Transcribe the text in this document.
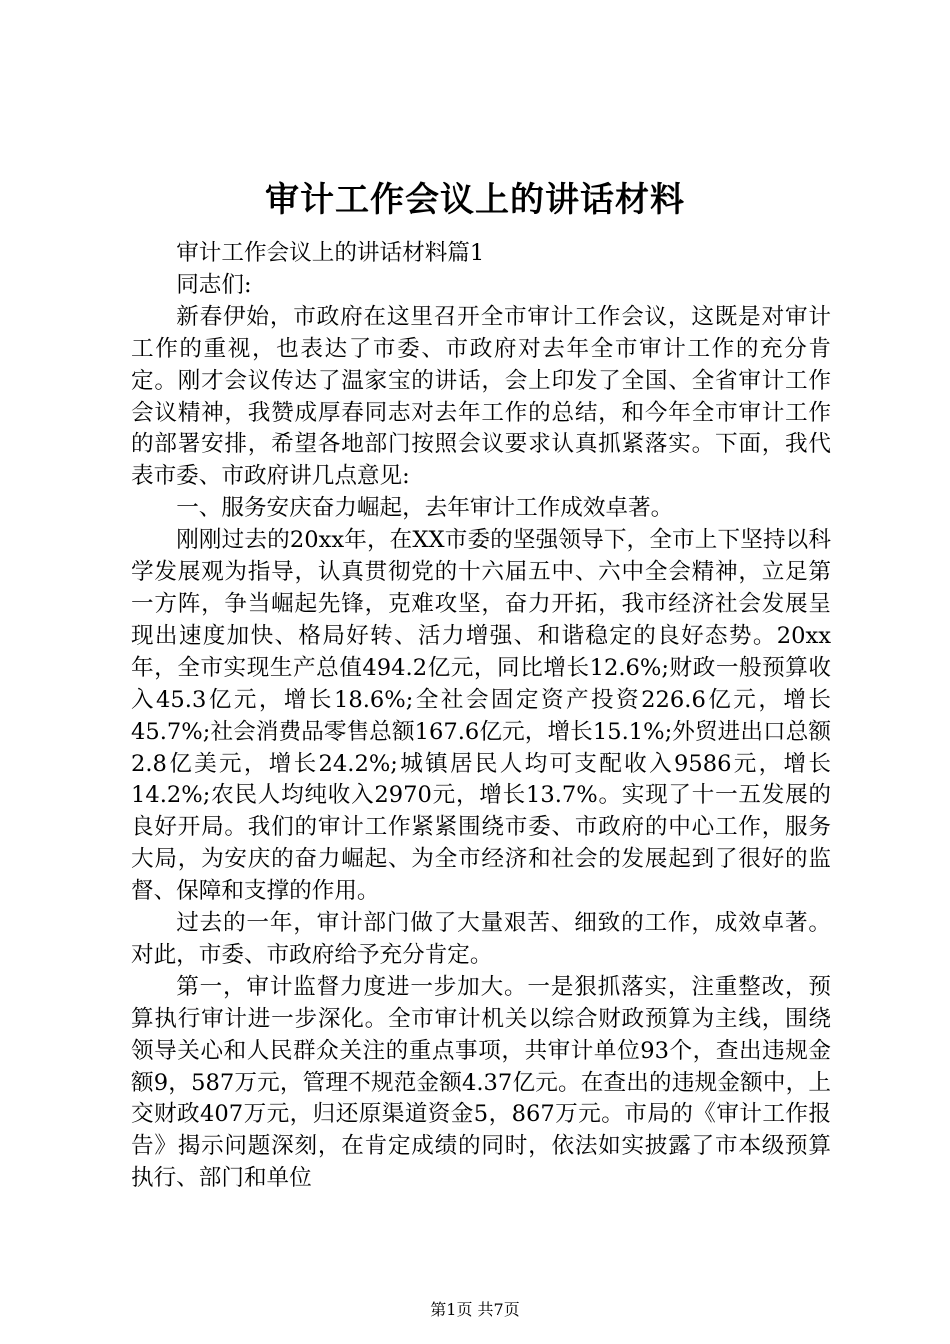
审计工作会议上的讲话材料

审计工作会议上的讲话材料篇1

同志们:

新春伊始，市政府在这里召开全市审计工作会议，这既是对审计工作的重视，也表达了市委、市政府对去年全市审计工作的充分肯定。刚才会议传达了温家宝的讲话，会上印发了全国、全省审计工作会议精神，我赞成厚春同志对去年工作的总结，和今年全市审计工作的部署安排，希望各地部门按照会议要求认真抓紧落实。下面，我代表市委、市政府讲几点意见:

一、服务安庆奋力崛起，去年审计工作成效卓著。

刚刚过去的20xx年，在XX市委的坚强领导下，全市上下坚持以科学发展观为指导，认真贯彻党的十六届五中、六中全会精神，立足第一方阵，争当崛起先锋，克难攻坚，奋力开拓，我市经济社会发展呈现出速度加快、格局好转、活力增强、和谐稳定的良好态势。20xx年，全市实现生产总值494.2亿元，同比增长12.6%;财政一般预算收入45.3亿元，增长18.6%;全社会固定资产投资226.6亿元，增长45.7%;社会消费品零售总额167.6亿元，增长15.1%;外贸进出口总额2.8亿美元，增长24.2%;城镇居民人均可支配收入9586元，增长14.2%;农民人均纯收入2970元，增长13.7%。实现了十一五发展的良好开局。我们的审计工作紧紧围绕市委、市政府的中心工作，服务大局，为安庆的奋力崛起、为全市经济和社会的发展起到了很好的监督、保障和支撑的作用。

过去的一年，审计部门做了大量艰苦、细致的工作，成效卓著。对此，市委、市政府给予充分肯定。

第一，审计监督力度进一步加大。一是狠抓落实，注重整改，预算执行审计进一步深化。全市审计机关以综合财政预算为主线，围绕领导关心和人民群众关注的重点事项，共审计单位93个，查出违规金额9，587万元，管理不规范金额4.37亿元。在查出的违规金额中，上交财政407万元，归还原渠道资金5，867万元。市局的《审计工作报告》揭示问题深刻，在肯定成绩的同时，依法如实披露了市本级预算执行、部门和单位

第1页 共7页
